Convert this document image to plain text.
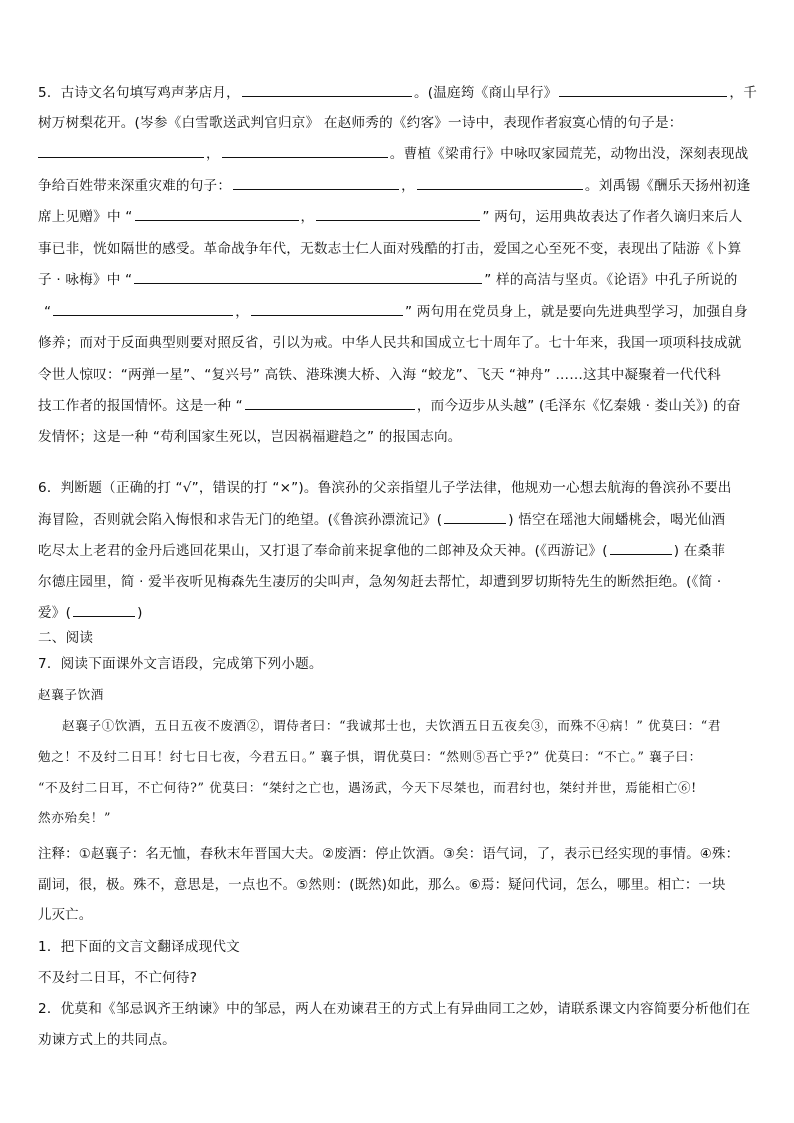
5．古诗文名句填写鸡声茅店月，	。(温庭筠《商山早行》	，千
树万树梨花开。(岑参《白雪歌送武判官归京》 在赵师秀的《约客》一诗中，表现作者寂寞心情的句子是：
，	。曹植《梁甫行》中咏叹家园荒芜，动物出没，深刻表现战
争给百姓带来深重灾难的句子：	，	。刘禹锡《酬乐天扬州初逢
席上见赠》中 “	，	” 两句，运用典故表达了作者久谪归来后人
事已非，恍如隔世的感受。革命战争年代，无数志士仁人面对残酷的打击，爱国之心至死不变，表现出了陆游《卜算
子 · 咏梅》中 “	” 样的高洁与坚贞。《论语》中孔子所说的
“	，	” 两句用在党员身上，就是要向先进典型学习，加强自身
修养；而对于反面典型则要对照反省，引以为戒。中华人民共和国成立七十周年了。七十年来，我国一项项科技成就
令世人惊叹：“两弹一星”、“复兴号” 高铁、港珠澳大桥、入海 “蛟龙”、飞天 “神舟” ……这其中凝聚着一代代科
技工作者的报国情怀。这是一种 “	，而今迈步从头越” (毛泽东《忆秦娥 · 娄山关》) 的奋
发情怀；这是一种 “苟利国家生死以，岂因祸福避趋之” 的报国志向。
6．判断题（正确的打 “√”，错误的打 “×”)。鲁滨孙的父亲指望儿子学法律，他规劝一心想去航海的鲁滨孙不要出
海冒险，否则就会陷入悔恨和求告无门的绝望。(《鲁滨孙漂流记》(	) 悟空在瑶池大闹蟠桃会，喝光仙酒
吃尽太上老君的金丹后逃回花果山，又打退了奉命前来捉拿他的二郎神及众天神。(《西游记》(	) 在桑菲
尔德庄园里，简 · 爱半夜听见梅森先生凄厉的尖叫声，急匆匆赶去帮忙，却遭到罗切斯特先生的断然拒绝。(《简 ·
爱》(	)
二、阅读
7．阅读下面课外文言语段，完成第下列小题。
赵襄子饮酒
赵襄子①饮酒，五日五夜不废酒②，谓侍者曰：“我诚邦士也，夫饮酒五日五夜矣③，而殊不④病！” 优莫曰：“君
勉之！不及纣二日耳！纣七日七夜，今君五日。” 襄子惧，谓优莫曰：“然则⑤吾亡乎?” 优莫曰：“不亡。” 襄子曰：
“不及纣二日耳，不亡何待?” 优莫曰：“桀纣之亡也，遇汤武，今天下尽桀也，而君纣也，桀纣并世，焉能相亡⑥!
然亦殆矣！”
注释：①赵襄子：名无恤，春秋末年晋国大夫。②废酒：停止饮酒。③矣：语气词，了，表示已经实现的事情。④殊：
副词，很，极。殊不，意思是，一点也不。⑤然则：(既然)如此，那么。⑥焉：疑问代词，怎么，哪里。相亡：一块
儿灭亡。
1．把下面的文言文翻译成现代文
不及纣二日耳，不亡何待?
2．优莫和《邹忌讽齐王纳谏》中的邹忌，两人在劝谏君王的方式上有异曲同工之妙，请联系课文内容简要分析他们在
劝谏方式上的共同点。
